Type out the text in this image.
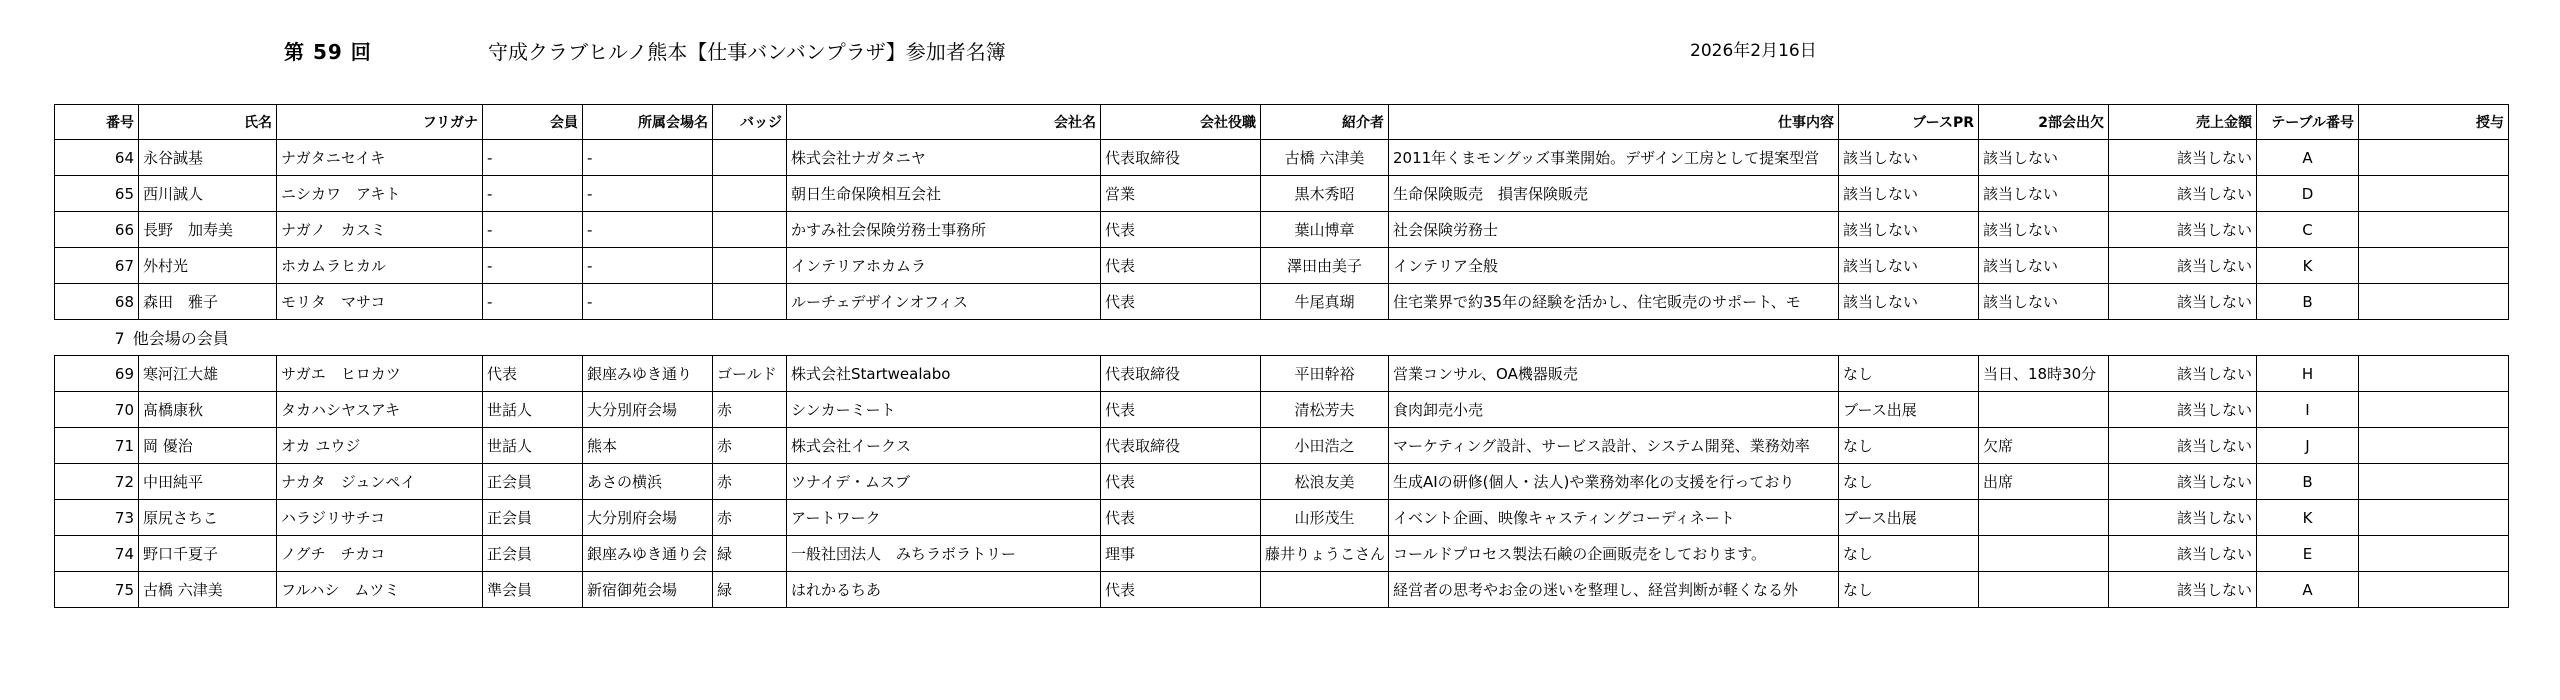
第 59 回	守成クラブヒルノ熊本【仕事バンバンプラザ】参加者名簿	2026年2月16日
番号	氏名	フリガナ	会員	所属会場名	バッジ	会社名	会社役職	紹介者	仕事内容	ブースPR	2部会出欠	売上金額	テーブル番号	授与
64	永谷誠基	ナガタニセイキ	-	-		株式会社ナガタニヤ	代表取締役	古橋 六津美	2011年くまモングッズ事業開始。デザイン工房として提案型営	該当しない	該当しない	該当しない	A	
65	西川誠人	ニシカワ　アキト	-	-		朝日生命保険相互会社	営業	黒木秀昭	生命保険販売　損害保険販売	該当しない	該当しない	該当しない	D	
66	長野　加寿美	ナガノ　カスミ	-	-		かすみ社会保険労務士事務所	代表	葉山博章	社会保険労務士	該当しない	該当しない	該当しない	C	
67	外村光	ホカムラヒカル	-	-		インテリアホカムラ	代表	澤田由美子	インテリア全般	該当しない	該当しない	該当しない	K	
68	森田　雅子	モリタ　マサコ	-	-		ルーチェデザインオフィス	代表	牛尾真瑚	住宅業界で約35年の経験を活かし、住宅販売のサポート、モ	該当しない	該当しない	該当しない	B	
7 他会場の会員														
69	寒河江大雄	サガエ　ヒロカツ	代表	銀座みゆき通り	ゴールド	株式会社Startwealabo	代表取締役	平田幹裕	営業コンサル、OA機器販売	なし	当日、18時30分	該当しない	H	
70	髙橋康秋	タカハシヤスアキ	世話人	大分別府会場	赤	シンカーミート	代表	清松芳夫	食肉卸売小売	ブース出展		該当しない	I	
71	岡 優治	オカ ユウジ	世話人	熊本	赤	株式会社イークス	代表取締役	小田浩之	マーケティング設計、サービス設計、システム開発、業務効率	なし	欠席	該当しない	J	
72	中田純平	ナカタ　ジュンペイ	正会員	あさの横浜	赤	ツナイデ・ムスブ	代表	松浪友美	生成AIの研修(個人・法人)や業務効率化の支援を行っており	なし	出席	該当しない	B	
73	原尻さちこ	ハラジリサチコ	正会員	大分別府会場	赤	アートワーク	代表	山形茂生	イベント企画、映像キャスティングコーディネート	ブース出展		該当しない	K	
74	野口千夏子	ノグチ　チカコ	正会員	銀座みゆき通り会	緑	一般社団法人　みちラボラトリー	理事	藤井りょうこさん	コールドプロセス製法石鹸の企画販売をしております。	なし		該当しない	E	
75	古橋 六津美	フルハシ　ムツミ	準会員	新宿御苑会場	緑	はれかるちあ	代表		経営者の思考やお金の迷いを整理し、経営判断が軽くなる外	なし		該当しない	A	
